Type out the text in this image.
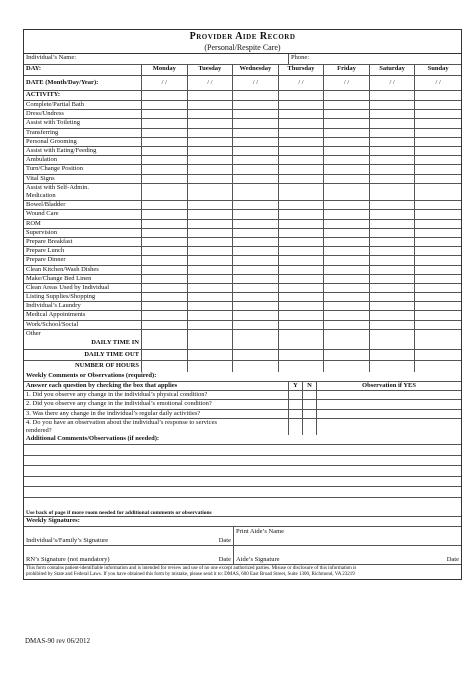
Provider Aide Record
(Personal/Respite Care)
Individual’s Name:	Phone:
DAY:	Monday	Tuesday	Wednesday	Thursday	Friday	Saturday	Sunday
DATE (Month/Day/Year):	/ /	/ /	/ /	/ /	/ /	/ /	/ /
ACTIVITY:
Complete/Partial Bath
Dress/Undress
Assist with Toileting
Transferring
Personal Grooming
Assist with Eating/Feeding
Ambulation
Turn/Change Position
Vital Signs
Assist with Self-Admin.
Medication
Bowel/Bladder
Wound Care
ROM
Supervision
Prepare Breakfast
Prepare Lunch
Prepare Dinner
Clean Kitchen/Wash Dishes
Make/Change Bed Linen
Clean Areas Used by Individual
Listing Supplies/Shopping
Individual’s Laundry
Medical Appointments
Work/School/Social
Other
DAILY TIME IN
DAILY TIME OUT
NUMBER OF HOURS
Weekly Comments or Observations (required):
Answer each question by checking the box that applies	Y	N	Observation if YES
1. Did you observe any change in the individual’s physical condition?
2. Did you observe any change in the individual’s emotional condition?
3. Was there any change in the individual’s regular daily activities?
4. Do you have an observation about the individual’s response to services
rendered?
Additional Comments/Observations (if needed):
Use back of page if more room needed for additional comments or observations
Weekly Signatures:
Individual’s/Family’s Signature	Date
Print Aide’s Name
RN’s Signature (not mandatory)	Date Aide’s Signature	Date
This form contains patient-identifiable information and is intended for review and use of no one except authorized parties. Misuse or disclosure of this information is
prohibited by State and Federal Laws. If you have obtained this form by mistake, please send it to: DMAS, 600 East Broad Street, Suite 1300, Richmond, VA 23219
DMAS-90 rev 06/2012
